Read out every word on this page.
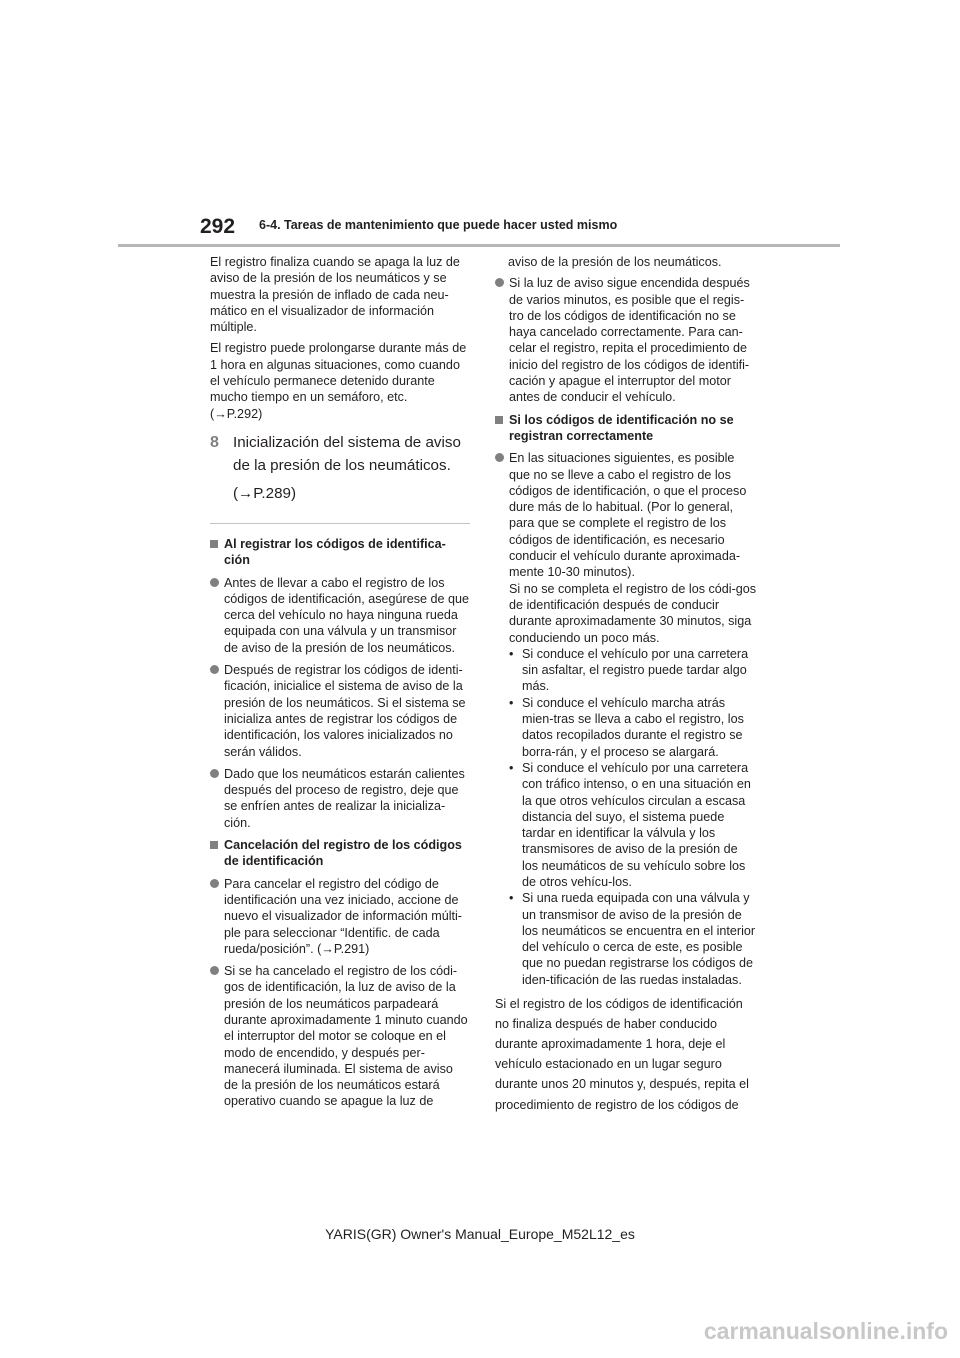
292 6-4. Tareas de mantenimiento que puede hacer usted mismo

El registro finaliza cuando se apaga la luz de aviso de la presión de los neumáticos y se muestra la presión de inflado de cada neu-mático en el visualizador de información múltiple.

El registro puede prolongarse durante más de 1 hora en algunas situaciones, como cuando el vehículo permanece detenido durante mucho tiempo en un semáforo, etc.
(→P.292)

8 Inicialización del sistema de aviso de la presión de los neumáticos.
(→P.289)
Al registrar los códigos de identifica-ción
Antes de llevar a cabo el registro de los códigos de identificación, asegúrese de que cerca del vehículo no haya ninguna rueda equipada con una válvula y un transmisor de aviso de la presión de los neumáticos.
Después de registrar los códigos de identi-ficación, inicialice el sistema de aviso de la presión de los neumáticos. Si el sistema se inicializa antes de registrar los códigos de identificación, los valores inicializados no serán válidos.
Dado que los neumáticos estarán calientes después del proceso de registro, deje que se enfríen antes de realizar la inicializa-ción.
Cancelación del registro de los códigos de identificación
Para cancelar el registro del código de identificación una vez iniciado, accione de nuevo el visualizador de información múlti-ple para seleccionar “Identific. de cada rueda/posición”. (→P.291)
Si se ha cancelado el registro de los códi-gos de identificación, la luz de aviso de la presión de los neumáticos parpadeará durante aproximadamente 1 minuto cuando el interruptor del motor se coloque en el modo de encendido, y después per-manecerá iluminada. El sistema de aviso de la presión de los neumáticos estará operativo cuando se apague la luz de

aviso de la presión de los neumáticos.

Si la luz de aviso sigue encendida después de varios minutos, es posible que el regis-tro de los códigos de identificación no se haya cancelado correctamente. Para can-celar el registro, repita el procedimiento de inicio del registro de los códigos de identifi-cación y apague el interruptor del motor antes de conducir el vehículo.
Si los códigos de identificación no se registran correctamente
En las situaciones siguientes, es posible que no se lleve a cabo el registro de los códigos de identificación, o que el proceso dure más de lo habitual. (Por lo general, para que se complete el registro de los códigos de identificación, es necesario conducir el vehículo durante aproximada-mente 10-30 minutos).
Si no se completa el registro de los códi-gos de identificación después de conducir durante aproximadamente 30 minutos, siga conduciendo un poco más.
• Si conduce el vehículo por una carretera sin asfaltar, el registro puede tardar algo más.
• Si conduce el vehículo marcha atrás mien-tras se lleva a cabo el registro, los datos recopilados durante el registro se borra-rán, y el proceso se alargará.
• Si conduce el vehículo por una carretera con tráfico intenso, o en una situación en la que otros vehículos circulan a escasa distancia del suyo, el sistema puede tardar en identificar la válvula y los transmisores de aviso de la presión de los neumáticos de su vehículo sobre los de otros vehícu-los.
• Si una rueda equipada con una válvula y un transmisor de aviso de la presión de los neumáticos se encuentra en el interior del vehículo o cerca de este, es posible que no puedan registrarse los códigos de iden-tificación de las ruedas instaladas.

Si el registro de los códigos de identificación no finaliza después de haber conducido durante aproximadamente 1 hora, deje el vehículo estacionado en un lugar seguro durante unos 20 minutos y, después, repita el procedimiento de registro de los códigos de

YARIS(GR) Owner's Manual_Europe_M52L12_es
carmanualsonline.info
